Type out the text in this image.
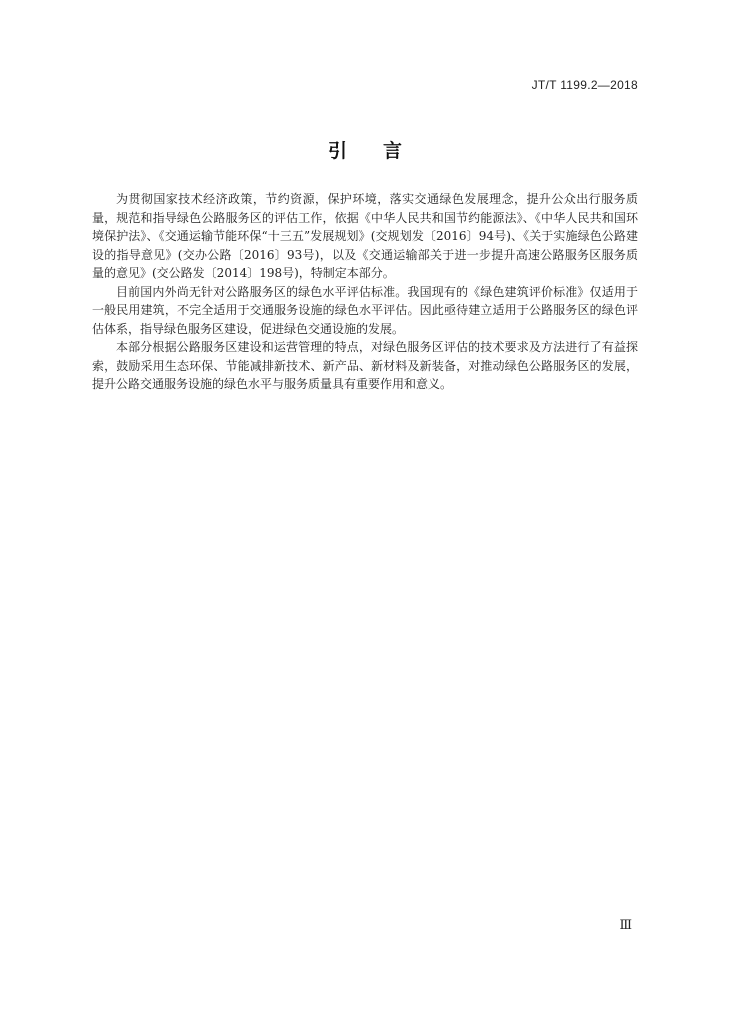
JT/T 1199.2—2018
引言

为贯彻国家技术经济政策，节约资源，保护环境，落实交通绿色发展理念，提升公众出行服务质量，规范和指导绿色公路服务区的评估工作，依据《中华人民共和国节约能源法》、《中华人民共和国环境保护法》、《交通运输节能环保“十三五”发展规划》(交规划发〔2016〕94号)、《关于实施绿色公路建设的指导意见》(交办公路〔2016〕93号)，以及《交通运输部关于进一步提升高速公路服务区服务质量的意见》(交公路发〔2014〕198号)，特制定本部分。

目前国内外尚无针对公路服务区的绿色水平评估标准。我国现有的《绿色建筑评价标准》仅适用于一般民用建筑，不完全适用于交通服务设施的绿色水平评估。因此亟待建立适用于公路服务区的绿色评估体系，指导绿色服务区建设，促进绿色交通设施的发展。

本部分根据公路服务区建设和运营管理的特点，对绿色服务区评估的技术要求及方法进行了有益探索，鼓励采用生态环保、节能减排新技术、新产品、新材料及新装备，对推动绿色公路服务区的发展，提升公路交通服务设施的绿色水平与服务质量具有重要作用和意义。

Ⅲ
